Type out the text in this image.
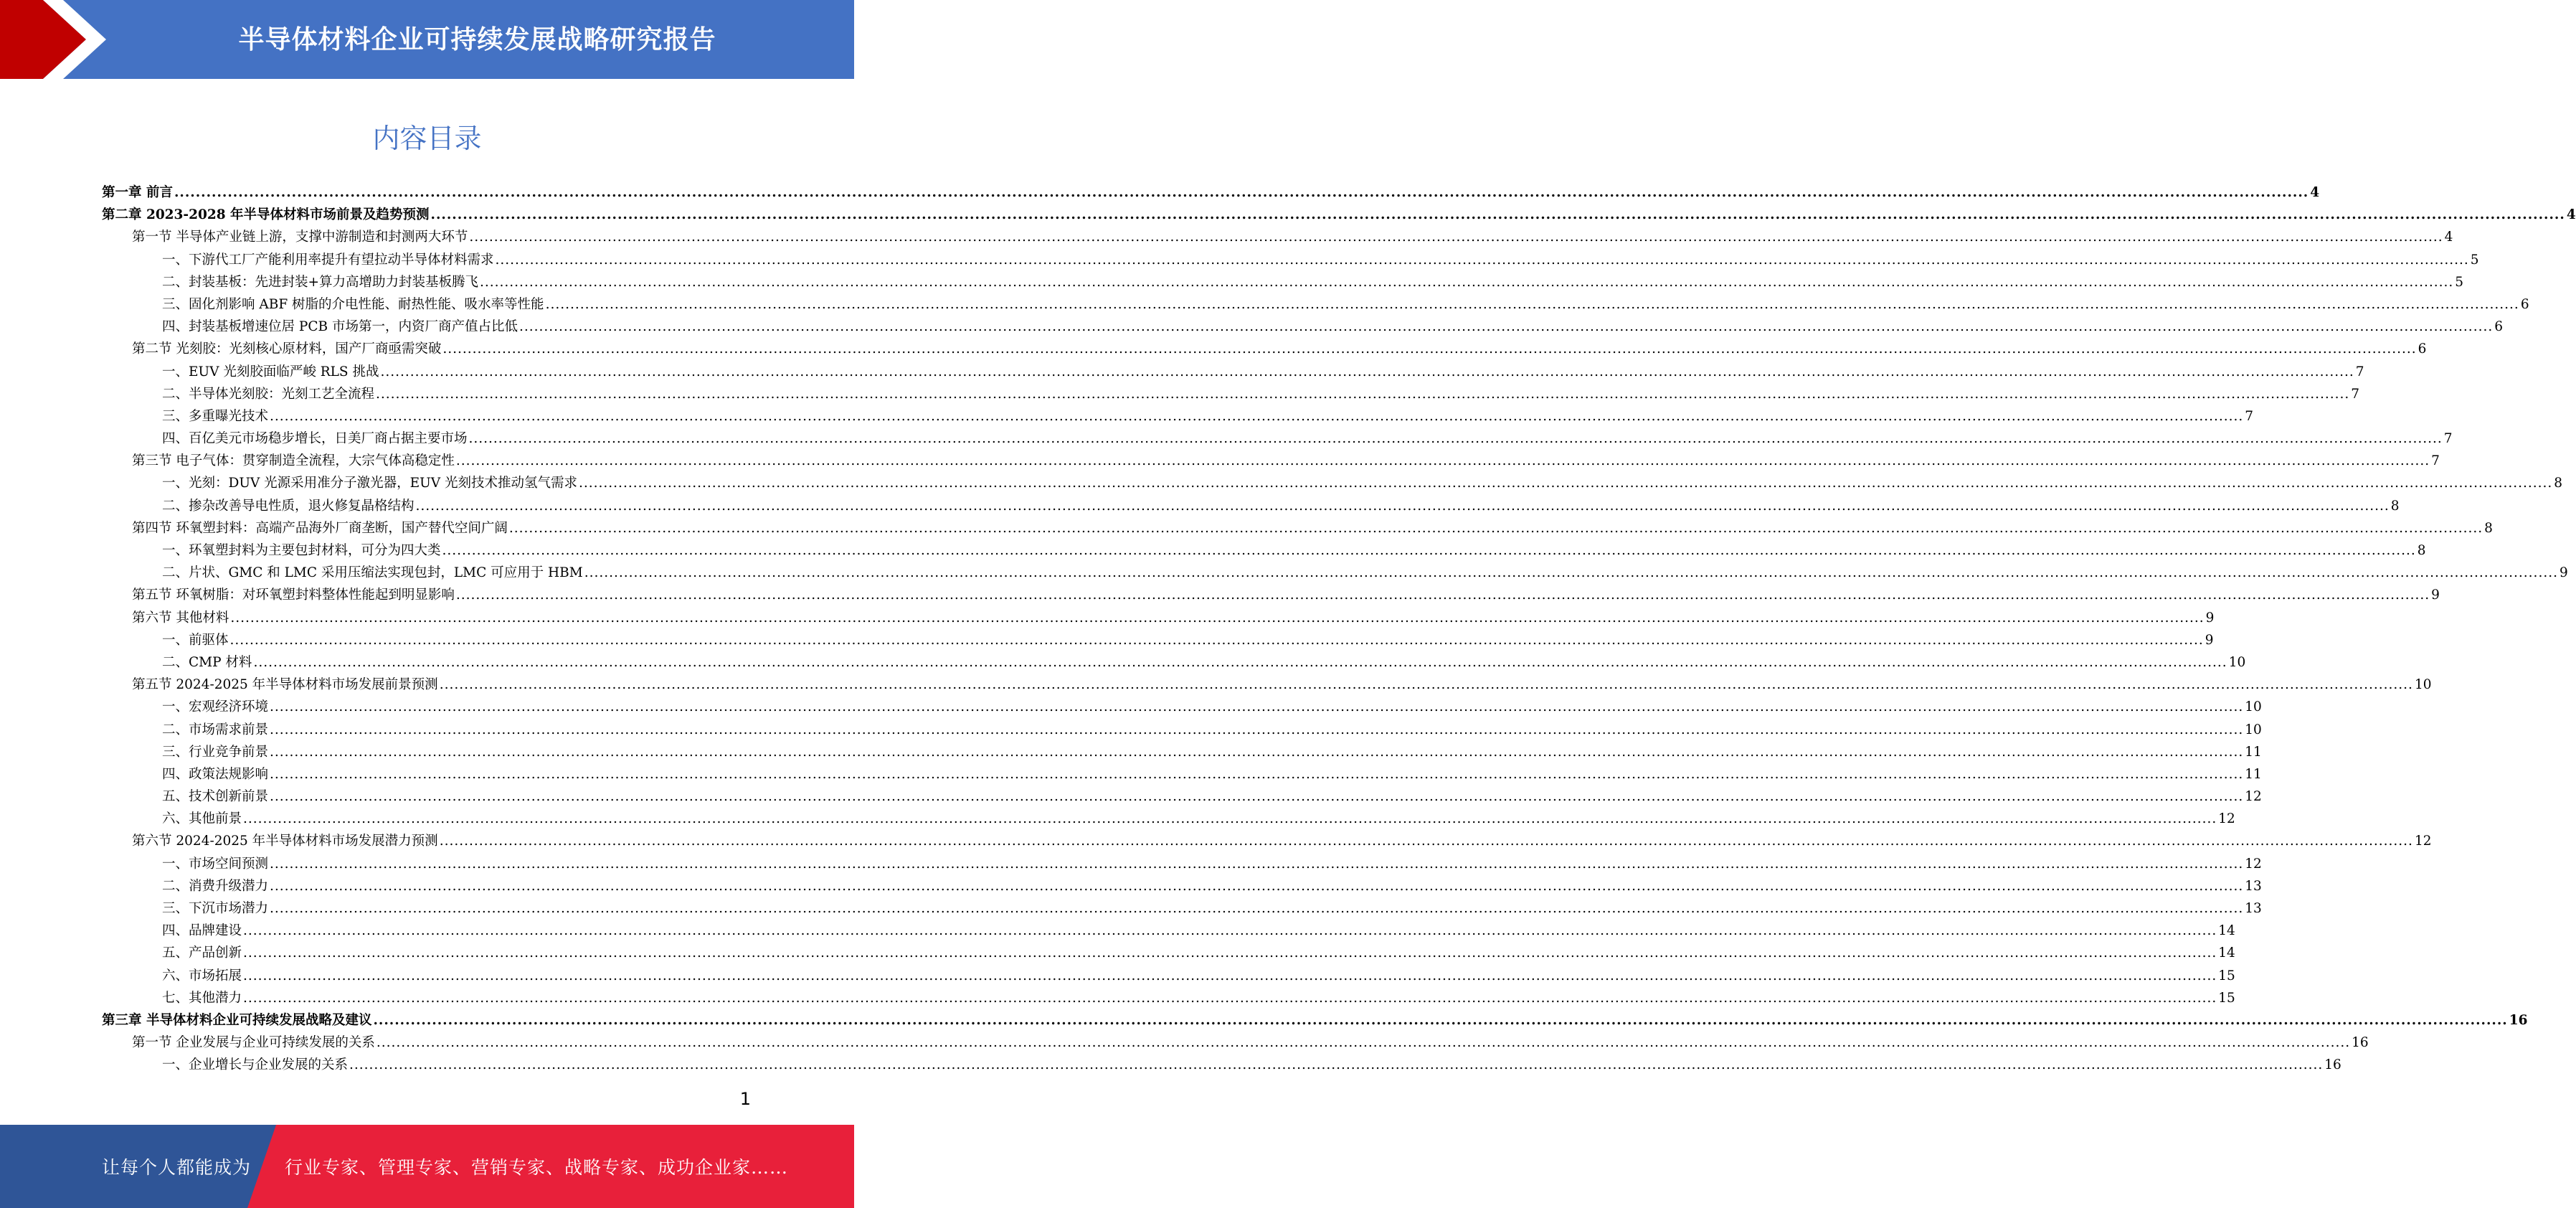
半导体材料企业可持续发展战略研究报告
内容目录
第一章 前言 ................................................................................................................................................................................................................................................................................................................................................................................................................ 4
第二章 2023-2028 年半导体材料市场前景及趋势预测 ................................................................................................................................................................................................................................................................................................................................................................................................................ 4
第一节 半导体产业链上游，支撑中游制造和封测两大环节 ................................................................................................................................................................................................................................................................................................................................................................................................................ 4
一、下游代工厂产能利用率提升有望拉动半导体材料需求 ................................................................................................................................................................................................................................................................................................................................................................................................................ 5
二、封装基板：先进封装+算力高增助力封装基板腾飞 ................................................................................................................................................................................................................................................................................................................................................................................................................ 5
三、固化剂影响 ABF 树脂的介电性能、耐热性能、吸水率等性能 ................................................................................................................................................................................................................................................................................................................................................................................................................ 6
四、封装基板增速位居 PCB 市场第一，内资厂商产值占比低 ................................................................................................................................................................................................................................................................................................................................................................................................................ 6
第二节 光刻胶：光刻核心原材料，国产厂商亟需突破 ................................................................................................................................................................................................................................................................................................................................................................................................................ 6
一、EUV 光刻胶面临严峻 RLS 挑战 ................................................................................................................................................................................................................................................................................................................................................................................................................ 7
二、半导体光刻胶：光刻工艺全流程 ................................................................................................................................................................................................................................................................................................................................................................................................................ 7
三、多重曝光技术 ................................................................................................................................................................................................................................................................................................................................................................................................................ 7
四、百亿美元市场稳步增长，日美厂商占据主要市场 ................................................................................................................................................................................................................................................................................................................................................................................................................ 7
第三节 电子气体：贯穿制造全流程，大宗气体高稳定性 ................................................................................................................................................................................................................................................................................................................................................................................................................ 7
一、光刻：DUV 光源采用准分子激光器，EUV 光刻技术推动氢气需求 ................................................................................................................................................................................................................................................................................................................................................................................................................ 8
二、掺杂改善导电性质，退火修复晶格结构 ................................................................................................................................................................................................................................................................................................................................................................................................................ 8
第四节 环氧塑封料：高端产品海外厂商垄断，国产替代空间广阔 ................................................................................................................................................................................................................................................................................................................................................................................................................ 8
一、环氧塑封料为主要包封材料，可分为四大类 ................................................................................................................................................................................................................................................................................................................................................................................................................ 8
二、片状、GMC 和 LMC 采用压缩法实现包封，LMC 可应用于 HBM ................................................................................................................................................................................................................................................................................................................................................................................................................ 9
第五节 环氧树脂：对环氧塑封料整体性能起到明显影响 ................................................................................................................................................................................................................................................................................................................................................................................................................ 9
第六节 其他材料 ................................................................................................................................................................................................................................................................................................................................................................................................................ 9
一、前驱体 ................................................................................................................................................................................................................................................................................................................................................................................................................ 9
二、CMP 材料 ................................................................................................................................................................................................................................................................................................................................................................................................................ 10
第五节 2024-2025 年半导体材料市场发展前景预测 ................................................................................................................................................................................................................................................................................................................................................................................................................ 10
一、宏观经济环境 ................................................................................................................................................................................................................................................................................................................................................................................................................ 10
二、市场需求前景 ................................................................................................................................................................................................................................................................................................................................................................................................................ 10
三、行业竞争前景 ................................................................................................................................................................................................................................................................................................................................................................................................................ 11
四、政策法规影响 ................................................................................................................................................................................................................................................................................................................................................................................................................ 11
五、技术创新前景 ................................................................................................................................................................................................................................................................................................................................................................................................................ 12
六、其他前景 ................................................................................................................................................................................................................................................................................................................................................................................................................ 12
第六节 2024-2025 年半导体材料市场发展潜力预测 ................................................................................................................................................................................................................................................................................................................................................................................................................ 12
一、市场空间预测 ................................................................................................................................................................................................................................................................................................................................................................................................................ 12
二、消费升级潜力 ................................................................................................................................................................................................................................................................................................................................................................................................................ 13
三、下沉市场潜力 ................................................................................................................................................................................................................................................................................................................................................................................................................ 13
四、品牌建设 ................................................................................................................................................................................................................................................................................................................................................................................................................ 14
五、产品创新 ................................................................................................................................................................................................................................................................................................................................................................................................................ 14
六、市场拓展 ................................................................................................................................................................................................................................................................................................................................................................................................................ 15
七、其他潜力 ................................................................................................................................................................................................................................................................................................................................................................................................................ 15
第三章 半导体材料企业可持续发展战略及建议 ................................................................................................................................................................................................................................................................................................................................................................................................................ 16
第一节 企业发展与企业可持续发展的关系 ................................................................................................................................................................................................................................................................................................................................................................................................................ 16
一、企业增长与企业发展的关系 ................................................................................................................................................................................................................................................................................................................................................................................................................ 16
1
让每个人都能成为 行业专家、管理专家、营销专家、战略专家、成功企业家……
